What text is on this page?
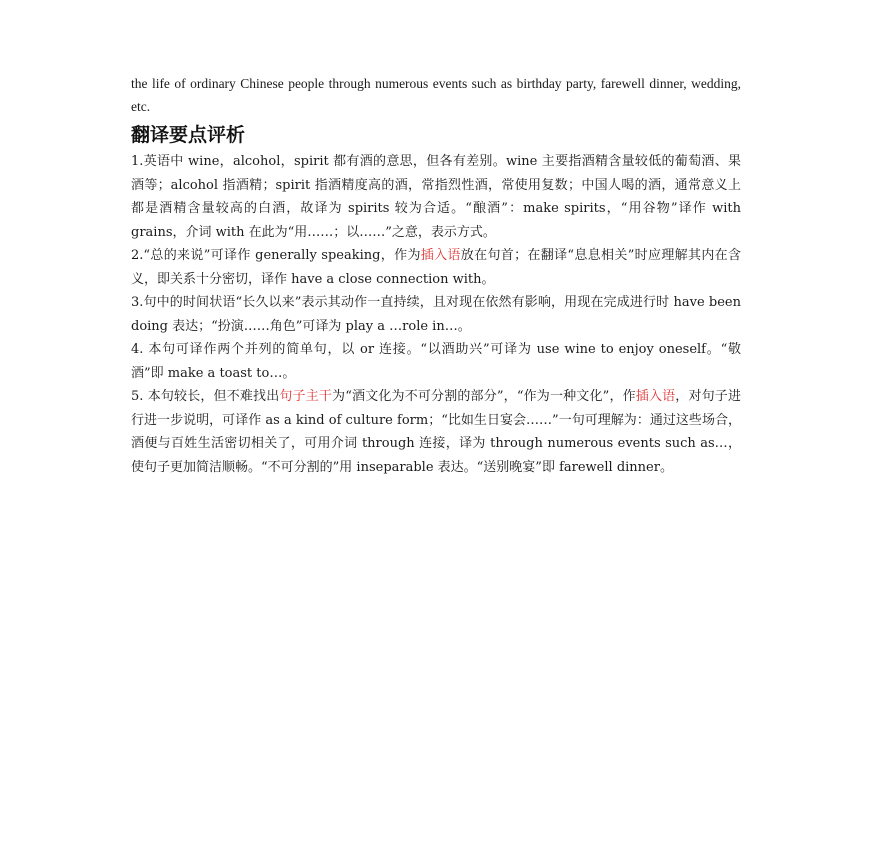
the life of ordinary Chinese people through numerous events such as birthday party, farewell dinner, wedding, etc.

翻译要点评析

1.英语中 wine，alcohol，spirit 都有酒的意思，但各有差别。wine 主要指酒精含量较低的葡萄酒、果酒等；alcohol 指酒精；spirit 指酒精度高的酒，常指烈性酒，常使用复数；中国人喝的酒，通常意义上都是酒精含量较高的白酒，故译为 spirits 较为合适。“酿酒”：make spirits，“用谷物”译作 with grains，介词 with 在此为“用……；以……”之意，表示方式。

2.“总的来说”可译作 generally speaking，作为插入语放在句首；在翻译“息息相关”时应理解其内在含义，即关系十分密切，译作 have a close connection with。

3.句中的时间状语“长久以来”表示其动作一直持续，且对现在依然有影响，用现在完成进行时 have been doing 表达；“扮演……角色”可译为 play a …role in…。

4. 本句可译作两个并列的简单句，以 or 连接。“以酒助兴”可译为 use wine to enjoy oneself。“敬酒”即 make a toast to…。

5. 本句较长，但不难找出句子主干为“酒文化为不可分割的部分”，“作为一种文化”，作插入语，对句子进行进一步说明，可译作 as a kind of culture form；“比如生日宴会……”一句可理解为：通过这些场合，酒便与百姓生活密切相关了，可用介词 through 连接，译为 through numerous events such as…，使句子更加简洁顺畅。“不可分割的”用 inseparable 表达。“送别晚宴”即 farewell dinner。
